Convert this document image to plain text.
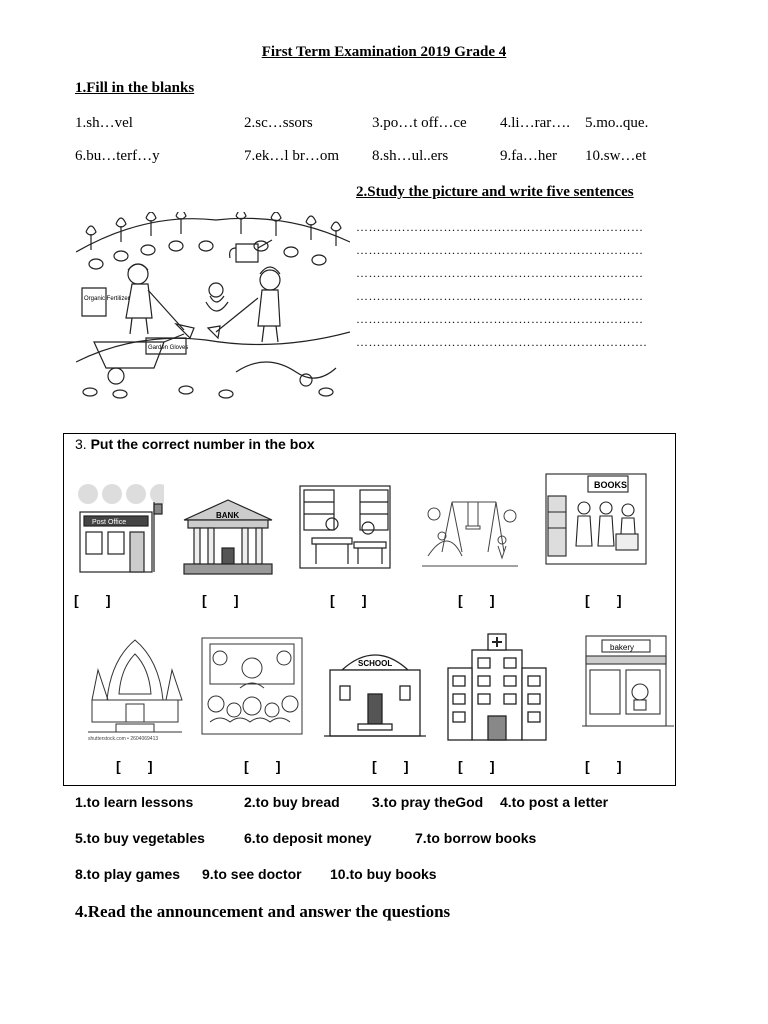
First Term Examination 2019 Grade 4
1.Fill in the blanks
1.sh…vel	2.sc…ssors	3.po…t off…ce 4.li…rar…. 5.mo..que.
6.bu…terf…y	7.ek…l br…om 8.sh…ul..ers	9.fa…her 10.sw…et
2.Study the picture and write five sentences
Organic Fertilizer
Garden Gloves
……………………………………………………………
……………………………………………………………
……………………………………………………………
……………………………………………………………
……………………………………………………………
…………………………………………………………….
3. Put the correct number in the box
Post Office
BANK
BOOKS
[       ]	[       ]	[       ]	[       ]	[       ]
shutterstock.com • 2604069413
SCHOOL
bakery
[       ]	[       ]	[       ]	[       ]	[       ]
1.to learn lessons	2.to buy bread 3.to pray theGod 4.to post a letter
5.to buy vegetables	6.to deposit money	7.to borrow books
8.to play games 9.to see doctor 10.to buy books
4.Read the announcement and answer the questions
